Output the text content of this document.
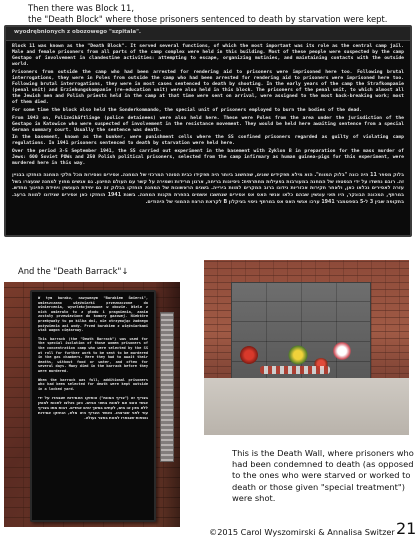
Then there was Block 11,
the "Death Block" where those prisoners sentenced to death by starvation were kept.
wyodrębnionych z obozowego "szpitala".

Block 11 was known as the "Death Block". It served several functions, of which the most important was its role as the central camp jail. Male and female prisoners from all parts of the camp complex were held in this building. Most of these people were suspected by the camp Gestapo of involvement in clandestine activities: attempting to escape, organizing mutinies, and maintaining contacts with the outside world.

Prisoners from outside the camp who had been arrested for rendering aid to prisoners were imprisoned here too. Following brutal interrogations, they were in Poles from outside the camp who had been arrested for rendering aid to prisoners were imprisoned here too. Following brutal interrogations, they were in most cases sentenced to death by shooting. In the early years of the camp the Strafkompanie (penal unit) and Erziehungskompanie (re-education unit) were also held in this block. The prisoners of the penal unit, to which almost all the Jewish men and Polish priests held in the camp at that time were sent on arrival, were assigned to the most back-breaking work; most of them died.

For some time the block also held the Sonderkommando, the special unit of prisoners employed to burn the bodies of the dead.

From 1943 on, Polizeihäftlinge (police detainees) were also held here. These were Poles from the area under the jurisdiction of the Gestapo in Katowice who were suspected of involvement in the resistance movement. They would be held here awaiting sentence from a special German summary court. Usually the sentence was death.

In the basement, known as the bunker, were punishment cells where the SS confined prisoners regarded as guilty of violating camp regulations. In 1941 prisoners sentenced to death by starvation were held here.

Over the period 3-5 September 1941, the SS carried out experiment in the basement with Zyklon B in preparation for the mass murder of Jews: 600 Soviet POWs and 250 Polish political prisoners, selected from the camp infirmary as human guinea-pigs for this experiment, were murdered here in this way.

בלוק מספר 11 היה כונה "בלוק המוות". הוא מילא תפקידים שונים, שהחשוב ביותר היה תפקידו כבית הסוהר המרכזי של המחנה. אסירים ואסירות מכל חלקי המחנה הוחזקו בבניין זה. רובם נחשדו על ידי הגסטפו של המחנה במעורבות בפעילות מחתרתית: ניסיונות בריחה, ארגון מרידות ושמירה על קשר עם העולם החיצון. גם אנשים מחוץ למחנה שנעצרו בשל עזרה לאסירים נכלאו כאן, ולאחר חקירות אכזריות נידונו ברוב המקרים למוות בירייה. בשנים הראשונות של המחנה הוחזקו בבלוק זה גם יחידת העונשין ויחידת החינוך מחדש. במרתף, המכונה הבונקר, היו תאי עונשין שבהם כלאו אנשי האס אס אסירים שנחשבו אשמים בהפרת תקנות המחנה. בשנת 1941 הוחזקו כאן אסירים שנידונו למוות ברעב. בתקופה שבין 3 ל-5 בספטמבר 1941 ערכו אנשי האס אס במרתף ניסוי בציקלון B לקראת הרצח ההמוני של היהודים.

And the "Death Barrack"↓

W tym baraku, nazywanym "Barakiem Śmierci", umieszczano więźniarki przeznaczone do uśmiercenia, wyselekcjonowane w obozie. Wiele z nich umierało tu z głodu i pragnienia, zanim zostały przewiezione do komory gazowej. Niektóre przebywały tu po kilka dni, nie otrzymując żadnego pożywienia ani wody. Przed barakiem z więźniarkami stał wagon ciężarowy.

This barrack (the "Death Barrack") was used for the special isolation of those women prisoners of the concentration camp who were selected by the SS at roll for further work to be sent to be murdered in the gas chambers. Here they had to await their deaths, without food or water, and often for several days. Many died in the barrack before they were murdered.

When the barrack was full, additional prisoners who had been selected for death were kept outside in a locked yard.

בצריף זה ("צריף המוות") הוחזקו האסירות שנבחרו על ידי אנשי האס אס למוות בתאי הגזים. כאן נאלצו לחכות למותן ללא מזון או מים, לעתים במשך ימים אחדים. רבות מתו בצריף עוד לפני שנרצחו. כאשר הצריף היה מלא, הוחזקו אסירות נוספות שנבחרו למוות בחצר נעולה.

This is the Death Wall, where prisoners who
had been condemned to death (as opposed
to the ones who were starved or worked to
death or those given "special treatment")
were shot.
©2015 Carol Wyszomirski & Annalisa Switzer 21
